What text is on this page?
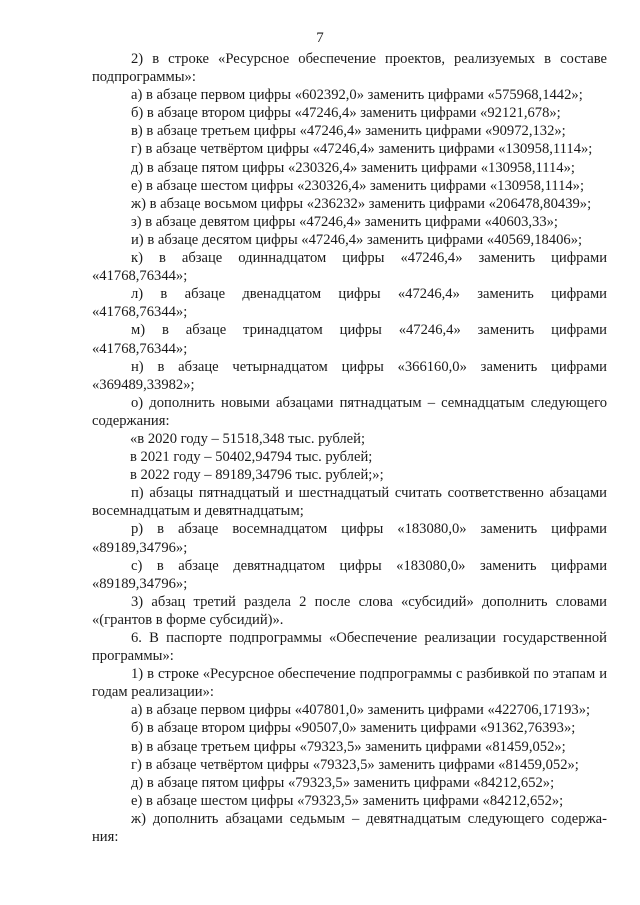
7

2) в строке «Ресурсное обеспечение проектов, реализуемых в составе подпрограммы»:

а) в абзаце первом цифры «602392,0» заменить цифрами «575968,1442»;

б) в абзаце втором цифры «47246,4» заменить цифрами «92121,678»;

в) в абзаце третьем цифры «47246,4» заменить цифрами «90972,132»;

г) в абзаце четвёртом цифры «47246,4» заменить цифрами «130958,1114»;

д) в абзаце пятом цифры «230326,4» заменить цифрами «130958,1114»;

е) в абзаце шестом цифры «230326,4» заменить цифрами «130958,1114»;

ж) в абзаце восьмом цифры «236232» заменить цифрами «206478,80439»;

з) в абзаце девятом цифры «47246,4» заменить цифрами «40603,33»;

и) в абзаце десятом цифры «47246,4» заменить цифрами «40569,18406»;

к) в абзаце одиннадцатом цифры «47246,4» заменить цифрами «41768,76344»;

л) в абзаце двенадцатом цифры «47246,4» заменить цифрами «41768,76344»;

м) в абзаце тринадцатом цифры «47246,4» заменить цифрами «41768,76344»;

н) в абзаце четырнадцатом цифры «366160,0» заменить цифрами «369489,33982»;

о) дополнить новыми абзацами пятнадцатым – семнадцатым следующего содержания:

«в 2020 году – 51518,348 тыс. рублей;

в 2021 году – 50402,94794 тыс. рублей;

в 2022 году – 89189,34796 тыс. рублей;»;

п) абзацы пятнадцатый и шестнадцатый считать соответственно абзацами восемнадцатым и девятнадцатым;

р) в абзаце восемнадцатом цифры «183080,0» заменить цифрами «89189,34796»;

с) в абзаце девятнадцатом цифры «183080,0» заменить цифрами «89189,34796»;

3) абзац третий раздела 2 после слова «субсидий» дополнить словами «(грантов в форме субсидий)».

6. В паспорте подпрограммы «Обеспечение реализации государственной программы»:

1) в строке «Ресурсное обеспечение подпрограммы с разбивкой по этапам и годам реализации»:

а) в абзаце первом цифры «407801,0» заменить цифрами «422706,17193»;

б) в абзаце втором цифры «90507,0» заменить цифрами «91362,76393»;

в) в абзаце третьем цифры «79323,5» заменить цифрами «81459,052»;

г) в абзаце четвёртом цифры «79323,5» заменить цифрами «81459,052»;

д) в абзаце пятом цифры «79323,5» заменить цифрами «84212,652»;

е) в абзаце шестом цифры «79323,5» заменить цифрами «84212,652»;

ж) дополнить абзацами седьмым – девятнадцатым следующего содержа-ния:
